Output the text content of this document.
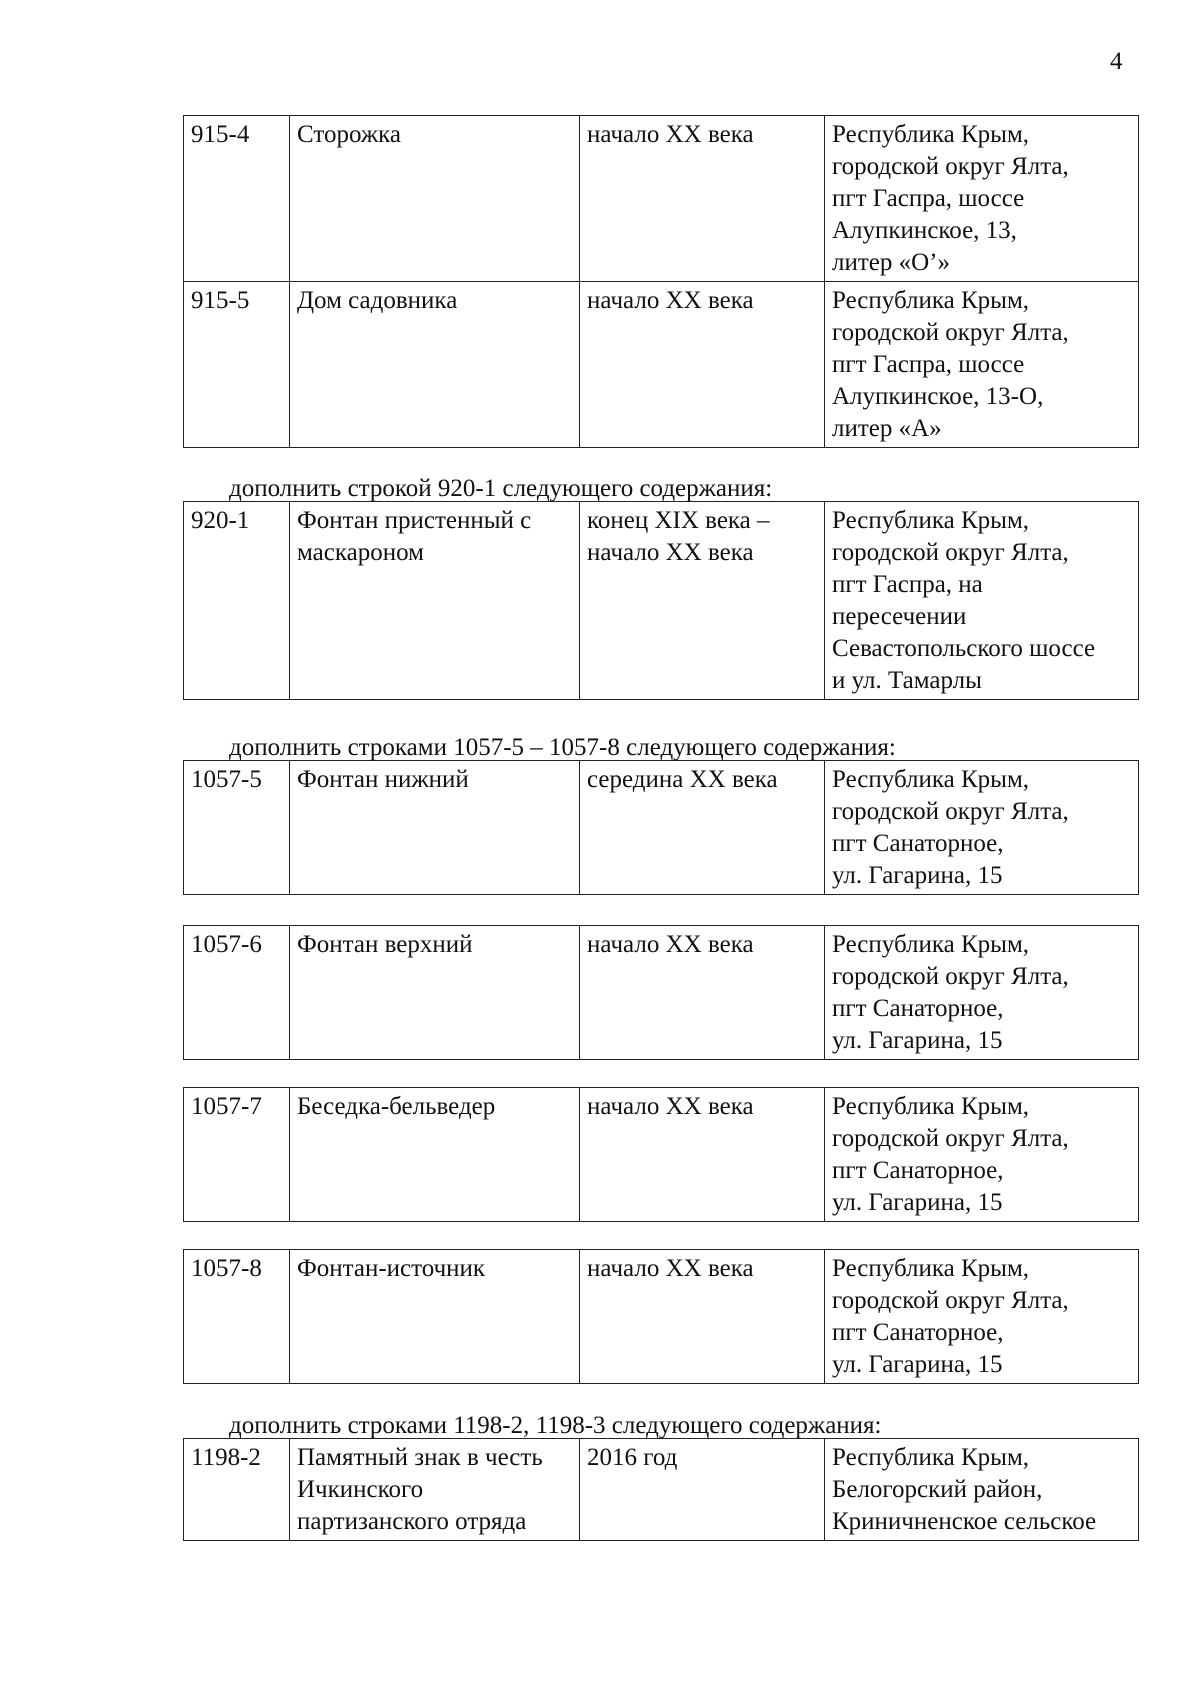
4
915-4	Сторожка	начало XX века	Республика Крым,
городской округ Ялта,
пгт Гаспра, шоссе
Алупкинское, 13,
литер «О’»

915-5	Дом садовника	начало XX века	Республика Крым,
городской округ Ялта,
пгт Гаспра, шоссе
Алупкинское, 13-О,
литер «А»

дополнить строкой 920-1 следующего содержания:

920-1	Фонтан пристенный с маскароном	конец XIX века – начало XX века	
Республика Крым,
городской округ Ялта,
пгт Гаспра, на
пересечении
Севастопольского шоссе
и ул. Тамарлы

дополнить строками 1057-5 – 1057-8 следующего содержания:

1057-5	Фонтан нижний	середина XX века	Республика Крым,
городской округ Ялта,
пгт Санаторное,
ул. Гагарина, 15
1057-6	Фонтан верхний	начало XX века	Республика Крым,
городской округ Ялта,
пгт Санаторное,
ул. Гагарина, 15
1057-7	Беседка-бельведер	начало XX века	Республика Крым,
городской округ Ялта,
пгт Санаторное,
ул. Гагарина, 15
1057-8	Фонтан-источник	начало XX века	Республика Крым,
городской округ Ялта,
пгт Санаторное,
ул. Гагарина, 15

дополнить строками 1198-2, 1198-3 следующего содержания:

1198-2	Памятный знак в честь Ичкинского партизанского отряда	2016 год	Республика Крым,
Белогорский район,
Криничненское сельское
